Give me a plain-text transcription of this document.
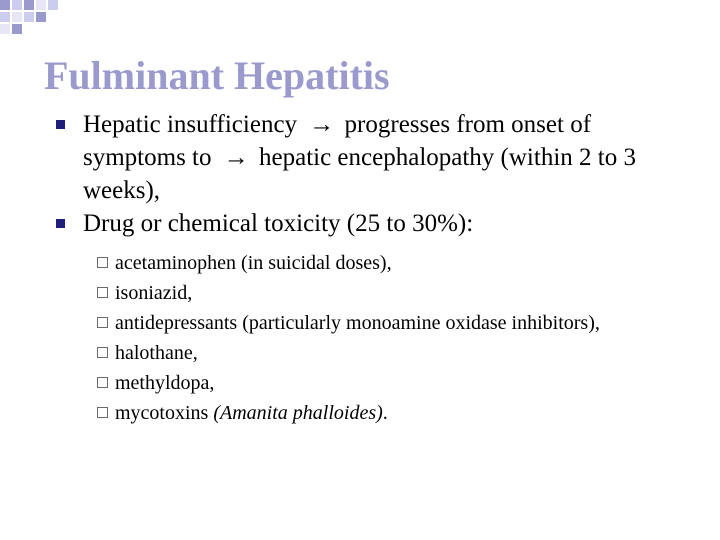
Fulminant Hepatitis
Hepatic insufficiency → progresses from onset of symptoms to → hepatic encephalopathy (within 2 to 3 weeks),
Drug or chemical toxicity (25 to 30%):
acetaminophen (in suicidal doses),
isoniazid,
antidepressants (particularly monoamine oxidase inhibitors),
halothane,
methyldopa,
mycotoxins (Amanita phalloides).
